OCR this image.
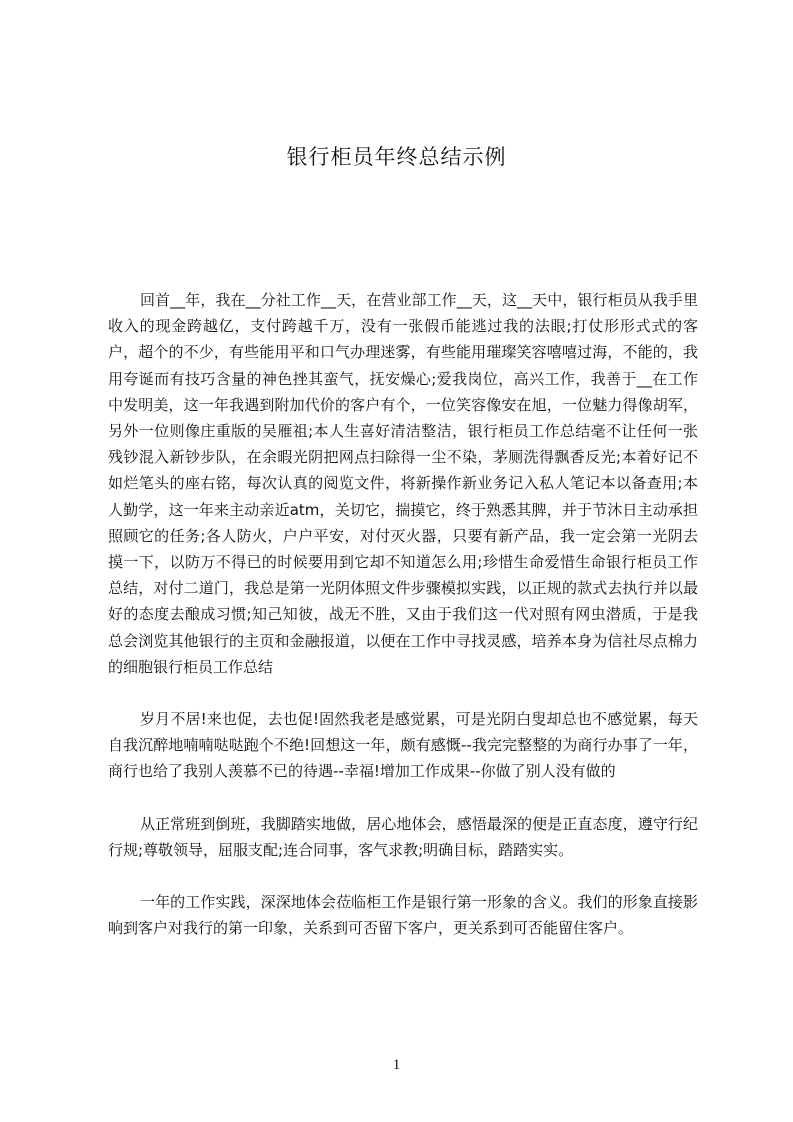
银行柜员年终总结示例

回首__年，我在__分社工作__天，在营业部工作__天，这__天中，银行柜员从我手里收入的现金跨越亿，支付跨越千万，没有一张假币能逃过我的法眼;打仗形形式式的客户，超个的不少，有些能用平和口气办理迷雾，有些能用璀璨笑容嘻嘻过海，不能的，我用夸诞而有技巧含量的神色挫其蛮气，抚安燥心;爱我岗位，高兴工作，我善于__在工作中发明美，这一年我遇到附加代价的客户有个，一位笑容像安在旭，一位魅力得像胡军，另外一位则像庄重版的吴雁祖;本人生喜好清洁整洁，银行柜员工作总结毫不让任何一张残钞混入新钞步队，在余暇光阴把网点扫除得一尘不染，茅厕洗得飘香反光;本着好记不如烂笔头的座右铭，每次认真的阅览文件，将新操作新业务记入私人笔记本以备查用;本人勤学，这一年来主动亲近atm，关切它，揣摸它，终于熟悉其脾，并于节沐日主动承担照顾它的任务;各人防火，户户平安，对付灭火器，只要有新产品，我一定会第一光阴去摸一下，以防万不得已的时候要用到它却不知道怎么用;珍惜生命爱惜生命银行柜员工作总结，对付二道门，我总是第一光阴体照文件步骤模拟实践，以正规的款式去执行并以最好的态度去酿成习惯;知己知彼，战无不胜，又由于我们这一代对照有网虫潜质，于是我总会浏览其他银行的主页和金融报道，以便在工作中寻找灵感，培养本身为信社尽点棉力的细胞银行柜员工作总结

岁月不居!来也促，去也促!固然我老是感觉累，可是光阴白叟却总也不感觉累，每天自我沉醉地喃喃哒哒跑个不绝!回想这一年，颇有感慨--我完完整整的为商行办事了一年，商行也给了我别人羡慕不已的待遇--幸福!增加工作成果--你做了别人没有做的

从正常班到倒班，我脚踏实地做，居心地体会，感悟最深的便是正直态度，遵守行纪行规;尊敬领导，屈服支配;连合同事，客气求教;明确目标，踏踏实实。

一年的工作实践，深深地体会莅临柜工作是银行第一形象的含义。我们的形象直接影响到客户对我行的第一印象，关系到可否留下客户，更关系到可否能留住客户。

1
